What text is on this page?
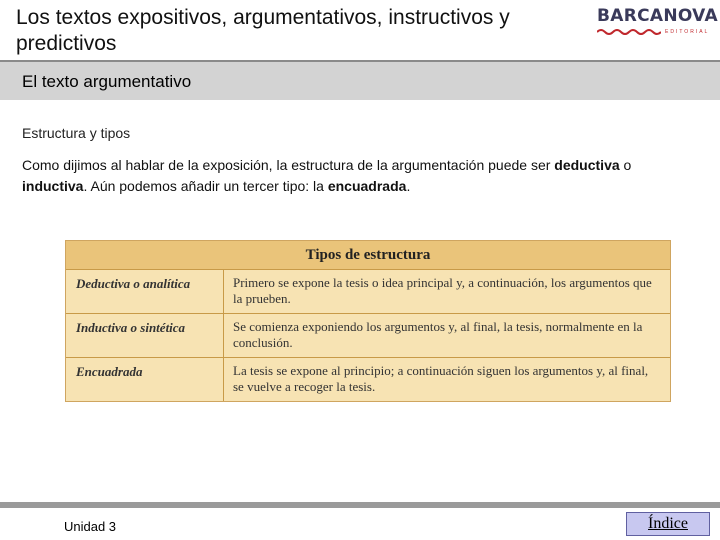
Los textos expositivos, argumentativos, instructivos y predictivos
BARCANOVA
EDITORIAL
El texto argumentativo
Estructura y tipos
Como dijimos al hablar de la exposición, la estructura de la argumentación puede ser deductiva o inductiva. Aún podemos añadir un tercer tipo: la encuadrada.
Tipos de estructura
Deductiva o analítica	Primero se expone la tesis o idea principal y, a continuación, los argumentos que la prueben.
Inductiva o sintética	Se comienza exponiendo los argumentos y, al final, la tesis, normalmente en la conclusión.
Encuadrada	La tesis se expone al principio; a continuación siguen los argumentos y, al final, se vuelve a recoger la tesis.
Unidad 3	Índice
